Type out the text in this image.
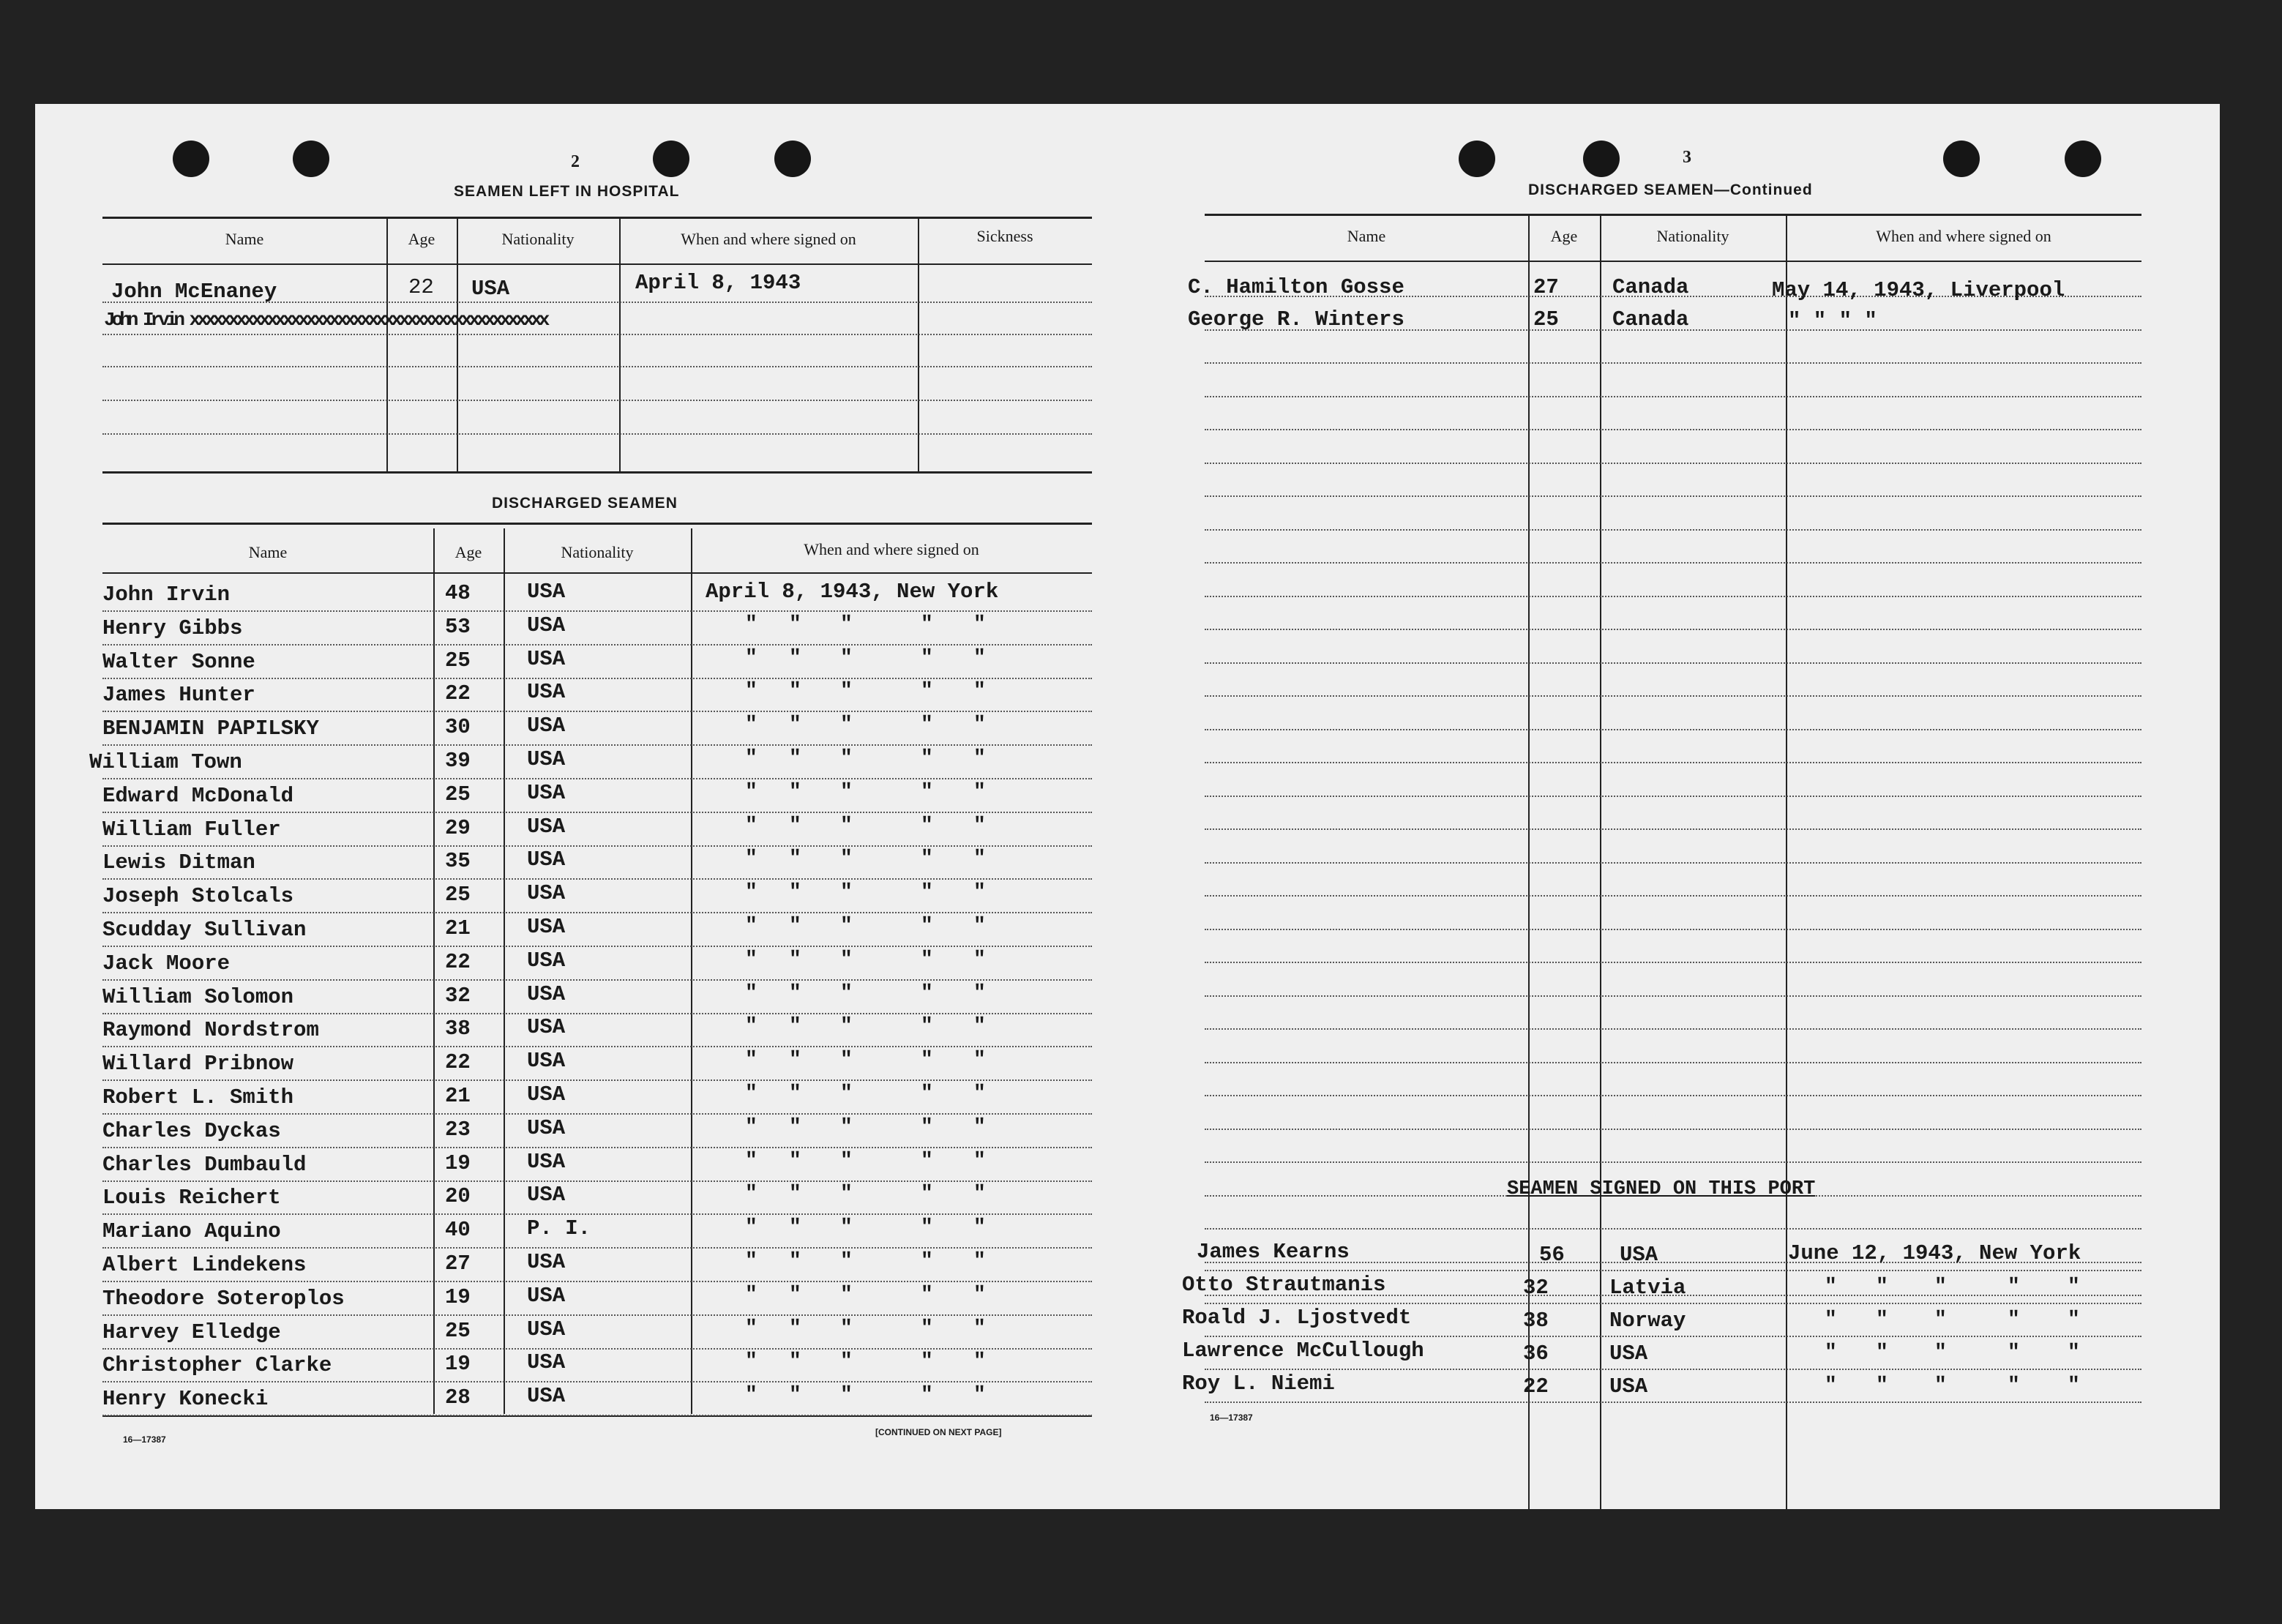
2
SEAMEN LEFT IN HOSPITAL
Name	Age	Nationality	When and where signed on	Sickness
John McEnaney	22 USA	April 8, 1943
John Irvin xxxxxxxxxxxxxxxxxxxxxxxxxxxxxxxxxxxxxxxxxxxxxx
DISCHARGED SEAMEN
Name	Age	Nationality	When and where signed on
John Irvin	48	USA	April 8, 1943, New York
Henry Gibbs	53	USA	" " "	" "
Walter Sonne	25	USA	" " "	" "
James Hunter	22	USA	" " "	" "
BENJAMIN PAPILSKY	30	USA	" " "	" "
William Town	39	USA	" " "	" "
Edward McDonald	25	USA	" " "	" "
William Fuller	29	USA	" " "	" "
Lewis Ditman	35	USA	" " "	" "
Joseph Stolcals	25	USA	" " "	" "
Scudday Sullivan	21	USA	" " "	" "
Jack Moore	22	USA	" " "	" "
William Solomon	32	USA	" " "	" "
Raymond Nordstrom	38	USA	" " "	" "
Willard Pribnow	22	USA	" " "	" "
Robert L. Smith	21	USA	" " "	" "
Charles Dyckas	23	USA	" " "	" "
Charles Dumbauld	19	USA	" " "	" "
Louis Reichert	20	USA	" " "	" "
Mariano Aquino	40	P. I.	" " "	" "
Albert Lindekens	27	USA	" " "	" "
Theodore Soteroplos	19	USA	" " "	" "
Harvey Elledge	25	USA	" " "	" "
Christopher Clarke	19	USA	" " "	" "
Henry Konecki	28	USA	" " "	" "
16—17387
[CONTINUED ON NEXT PAGE]
3
DISCHARGED SEAMEN—Continued
Name	Age	Nationality	When and where signed on
C. Hamilton Gosse	27	Canada	May 14, 1943, Liverpool
George R. Winters	25	Canada	" " " "
SEAMEN SIGNED ON THIS PORT
James Kearns	56	USA	June 12, 1943, New York
Otto Strautmanis	32	Latvia	" " "	" "
Roald J. Ljostvedt	38	Norway	" " "	" "
Lawrence McCullough	36	USA	" " "	" "
Roy L. Niemi	22	USA	" " "	" "
16—17387
